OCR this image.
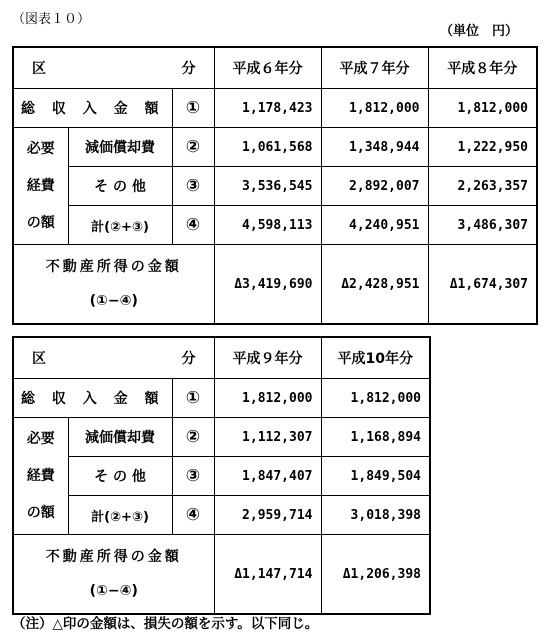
（図表１０）
（単位　円）
区 分			平成６年分	平成７年分	平成８年分
総 収 入 金 額		①	1,178,423	1,812,000	1,812,000

必要
経費
の額	減価償却費	②	1,061,568	1,348,944	1,222,950
	そ の 他	③	3,536,545	2,892,007	2,263,357
	計(②+③)	④	4,598,113	4,240,951	3,486,307

不動産所得の金額
(①−④)			Δ3,419,690	Δ2,428,951	Δ1,674,307
区 分			平成９年分	平成10年分
総 収 入 金 額		①	1,812,000	1,812,000

必要
経費
の額	減価償却費	②	1,112,307	1,168,894
	そ の 他	③	1,847,407	1,849,504
	計(②+③)	④	2,959,714	3,018,398

不動産所得の金額
(①−④)			Δ1,147,714	Δ1,206,398
（注）△印の金額は、損失の額を示す。以下同じ。
